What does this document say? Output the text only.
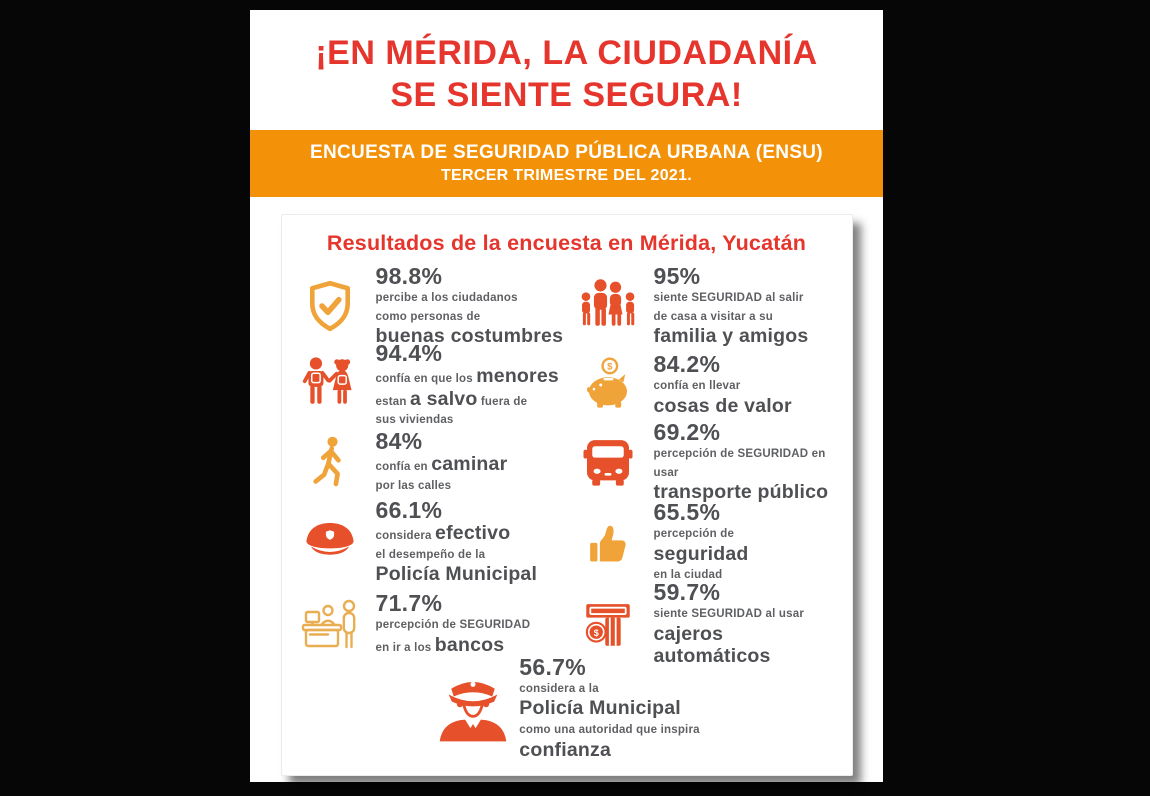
¡EN MÉRIDA, LA CIUDADANÍA
SE SIENTE SEGURA!
ENCUESTA DE SEGURIDAD PÚBLICA URBANA (ENSU)
TERCER TRIMESTRE DEL 2021.
Resultados de la encuesta en Mérida, Yucatán
98.8%
percibe a los ciudadanos
como personas de
buenas costumbres
95%
siente SEGURIDAD al salir
de casa a visitar a su
familia y amigos
94.4%
confía en que los menores
estan a salvo fuera de
sus viviendas
84.2%
confía en llevar
cosas de valor
84%
confía en caminar
por las calles
69.2%
percepción de SEGURIDAD en usar
transporte público
66.1%
considera efectivo
el desempeño de la
Policía Municipal
65.5%
percepción de
seguridad
en la ciudad
71.7%
percepción de SEGURIDAD
en ir a los bancos
59.7%
siente SEGURIDAD al usar
cajeros automáticos
56.7%
considera a la
Policía Municipal
como una autoridad que inspira
confianza
